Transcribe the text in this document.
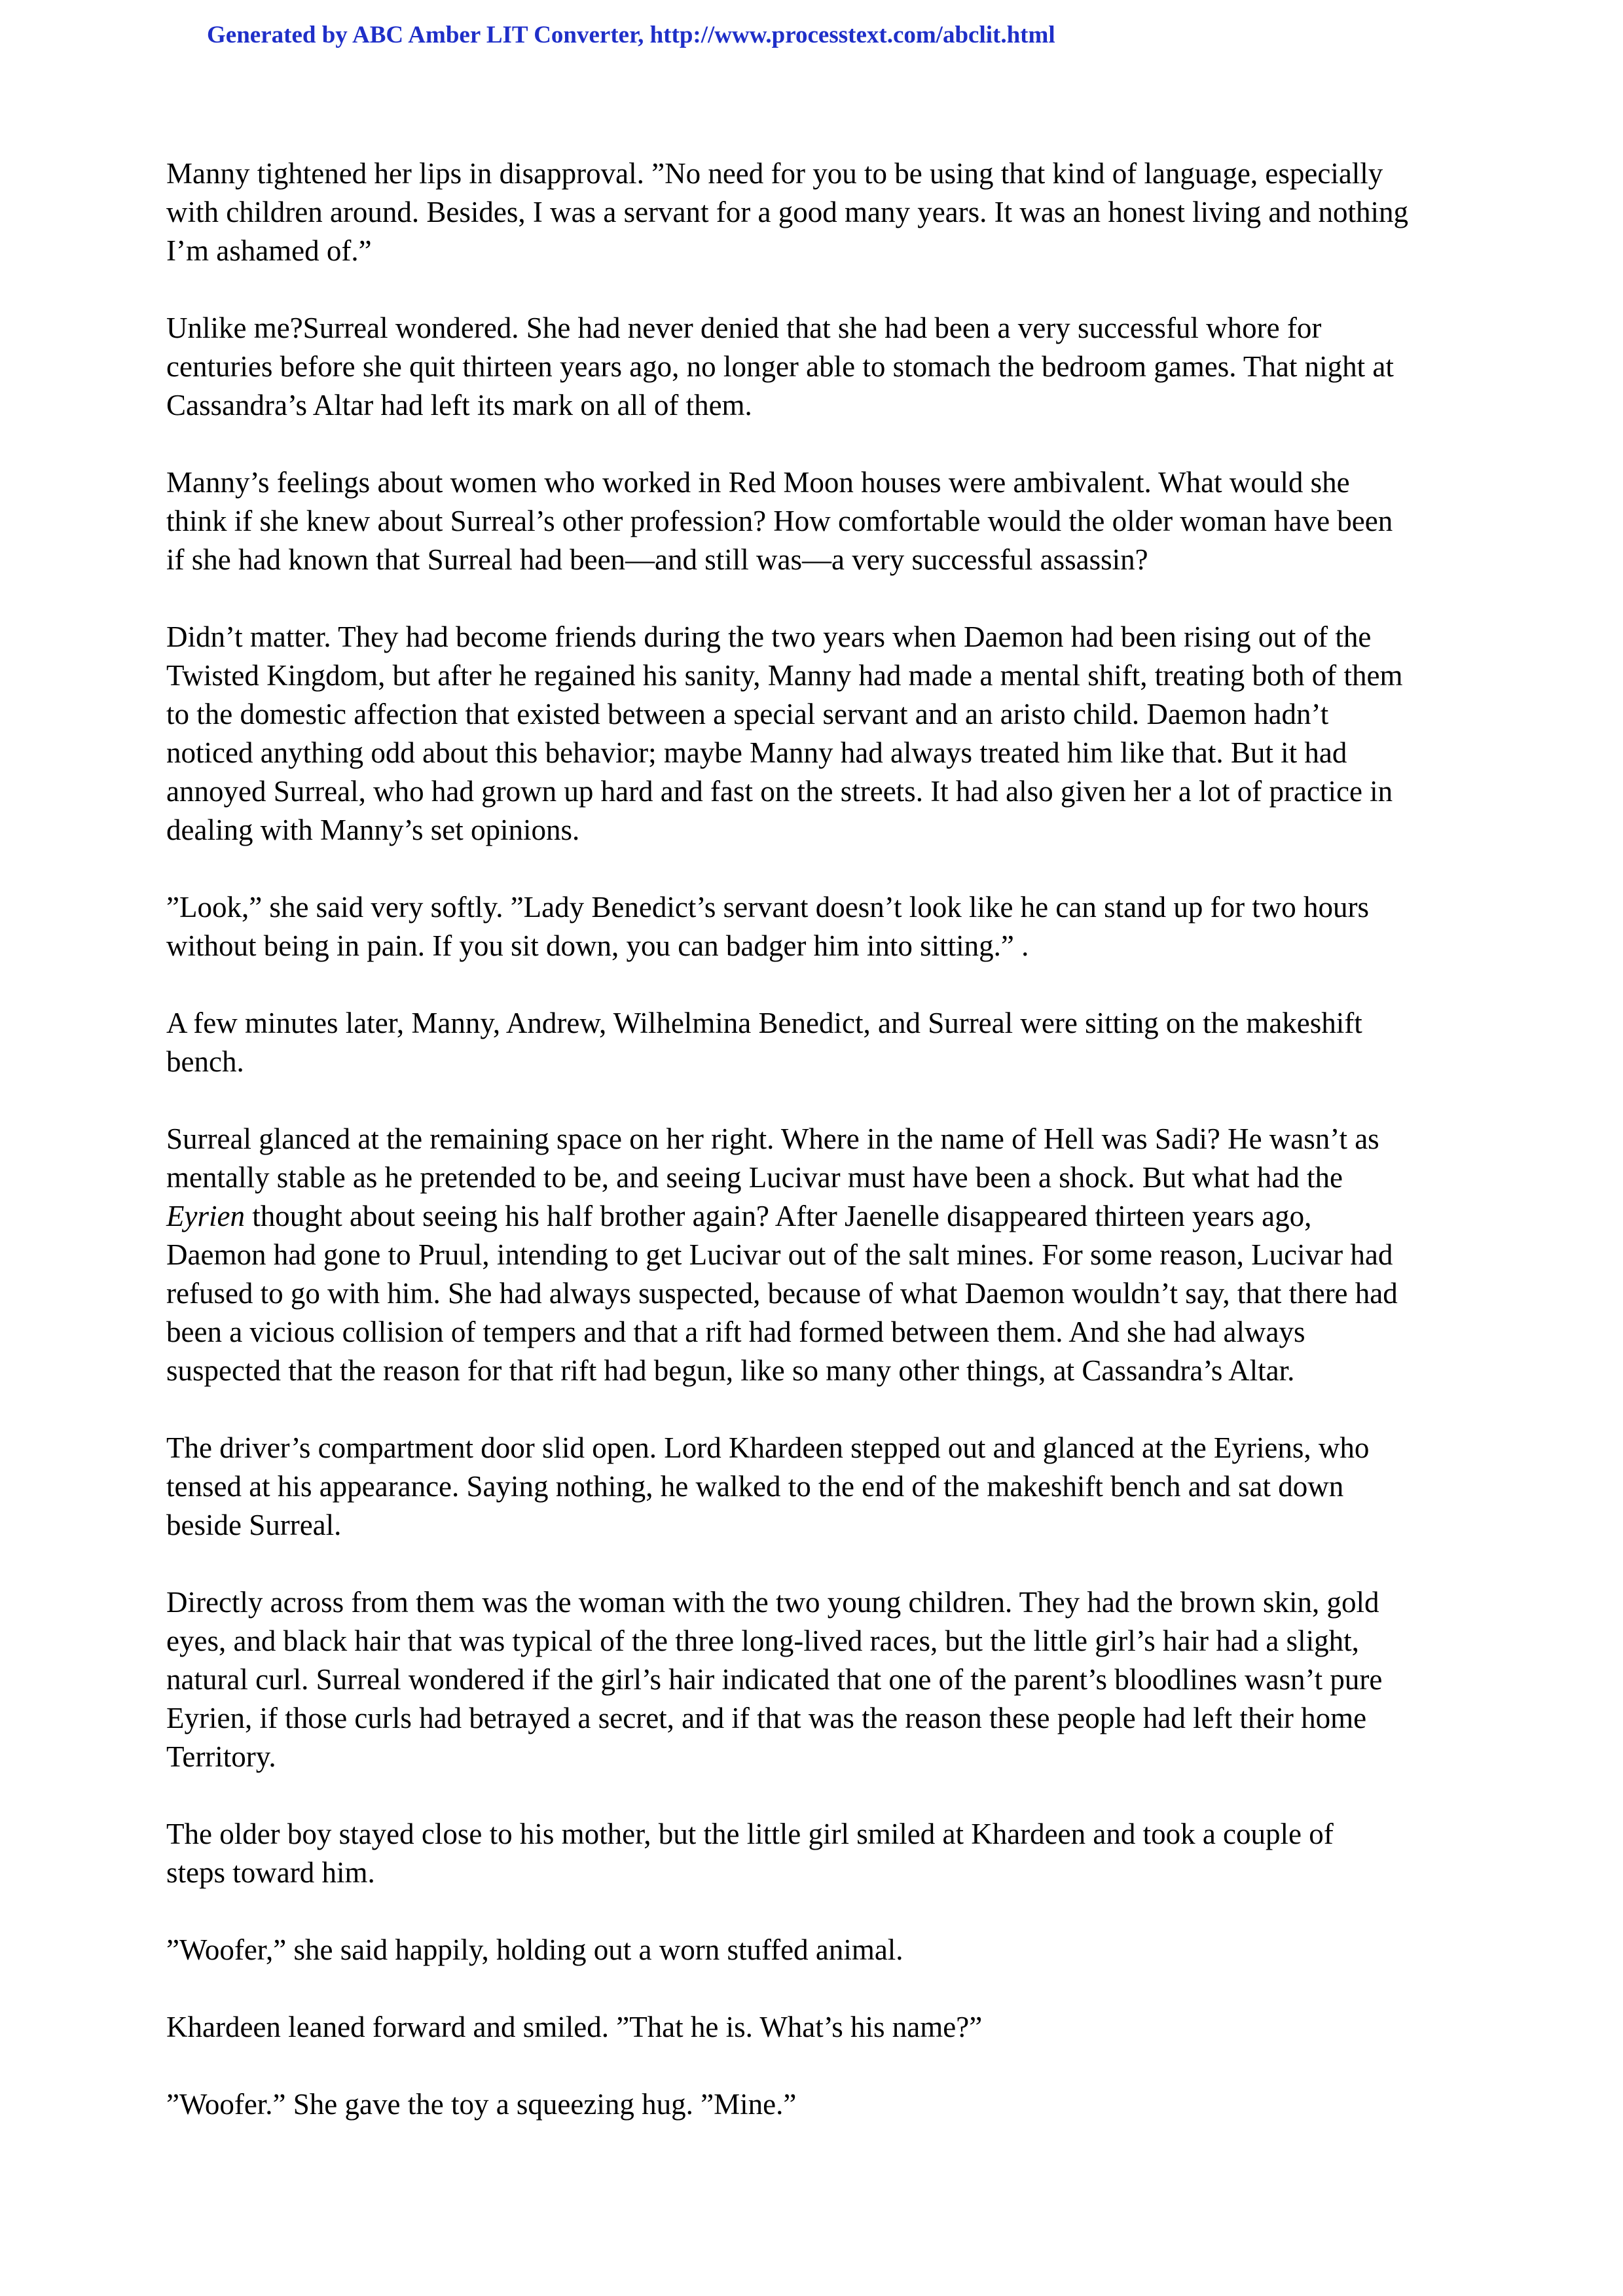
Generated by ABC Amber LIT Converter, http://www.processtext.com/abclit.html

Manny tightened her lips in disapproval. ”No need for you to be using that kind of language, especially
with children around. Besides, I was a servant for a good many years. It was an honest living and nothing
I’m ashamed of.”

Unlike me?Surreal wondered. She had never denied that she had been a very successful whore for
centuries before she quit thirteen years ago, no longer able to stomach the bedroom games. That night at
Cassandra’s Altar had left its mark on all of them.

Manny’s feelings about women who worked in Red Moon houses were ambivalent. What would she
think if she knew about Surreal’s other profession? How comfortable would the older woman have been
if she had known that Surreal had been—and still was—a very successful assassin?

Didn’t matter. They had become friends during the two years when Daemon had been rising out of the
Twisted Kingdom, but after he regained his sanity, Manny had made a mental shift, treating both of them
to the domestic affection that existed between a special servant and an aristo child. Daemon hadn’t
noticed anything odd about this behavior; maybe Manny had always treated him like that. But it had
annoyed Surreal, who had grown up hard and fast on the streets. It had also given her a lot of practice in
dealing with Manny’s set opinions.

”Look,” she said very softly. ”Lady Benedict’s servant doesn’t look like he can stand up for two hours
without being in pain. If you sit down, you can badger him into sitting.” .

A few minutes later, Manny, Andrew, Wilhelmina Benedict, and Surreal were sitting on the makeshift
bench.

Surreal glanced at the remaining space on her right. Where in the name of Hell was Sadi? He wasn’t as
mentally stable as he pretended to be, and seeing Lucivar must have been a shock. But what had the
Eyrien thought about seeing his half brother again? After Jaenelle disappeared thirteen years ago,
Daemon had gone to Pruul, intending to get Lucivar out of the salt mines. For some reason, Lucivar had
refused to go with him. She had always suspected, because of what Daemon wouldn’t say, that there had
been a vicious collision of tempers and that a rift had formed between them. And she had always
suspected that the reason for that rift had begun, like so many other things, at Cassandra’s Altar.

The driver’s compartment door slid open. Lord Khardeen stepped out and glanced at the Eyriens, who
tensed at his appearance. Saying nothing, he walked to the end of the makeshift bench and sat down
beside Surreal.

Directly across from them was the woman with the two young children. They had the brown skin, gold
eyes, and black hair that was typical of the three long-lived races, but the little girl’s hair had a slight,
natural curl. Surreal wondered if the girl’s hair indicated that one of the parent’s bloodlines wasn’t pure
Eyrien, if those curls had betrayed a secret, and if that was the reason these people had left their home
Territory.

The older boy stayed close to his mother, but the little girl smiled at Khardeen and took a couple of
steps toward him.

”Woofer,” she said happily, holding out a worn stuffed animal.

Khardeen leaned forward and smiled. ”That he is. What’s his name?”

”Woofer.” She gave the toy a squeezing hug. ”Mine.”
